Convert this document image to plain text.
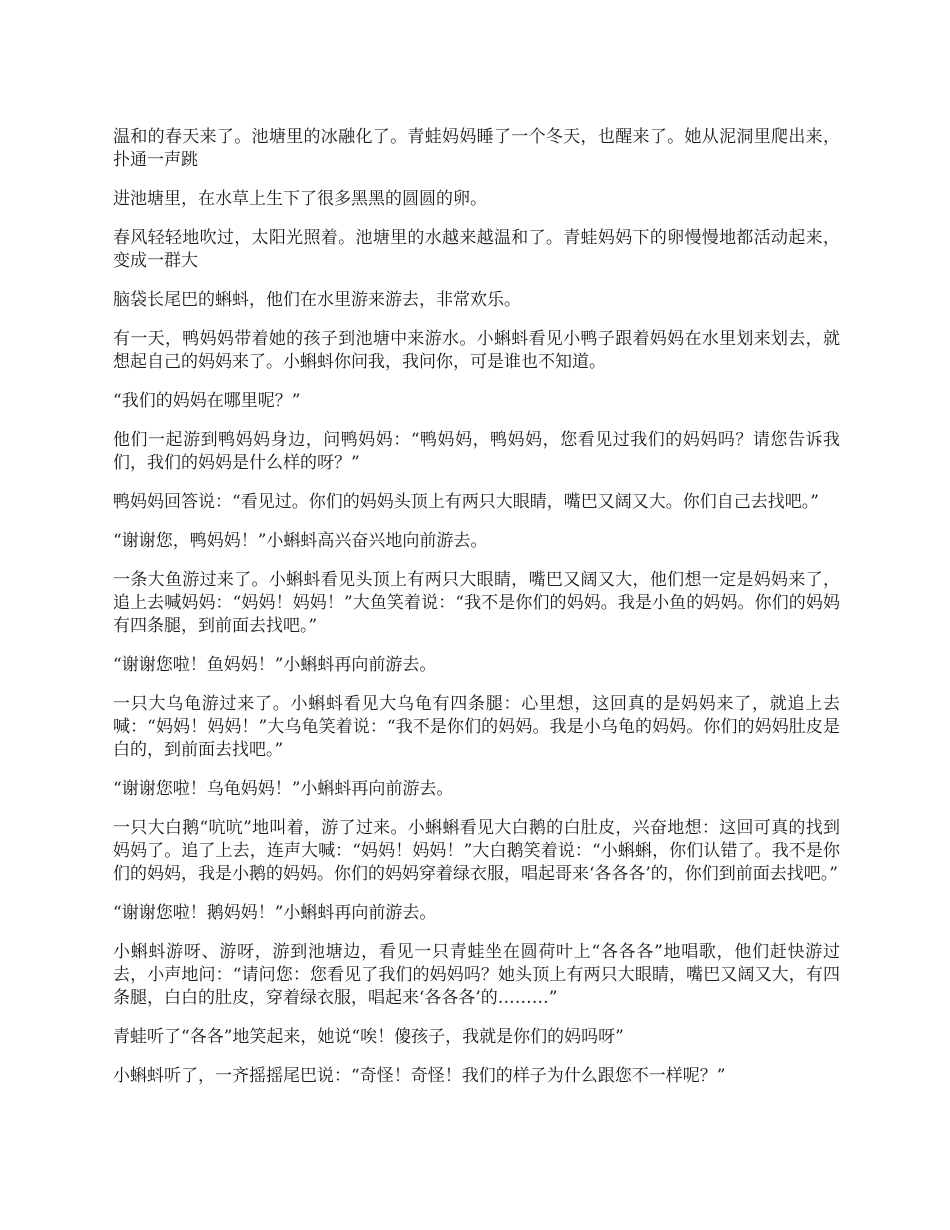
温和的春天来了。池塘里的冰融化了。青蛙妈妈睡了一个冬天，也醒来了。她从泥洞里爬出来，扑通一声跳

进池塘里，在水草上生下了很多黑黑的圆圆的卵。

春风轻轻地吹过，太阳光照着。池塘里的水越来越温和了。青蛙妈妈下的卵慢慢地都活动起来，变成一群大

脑袋长尾巴的蝌蚪，他们在水里游来游去，非常欢乐。

有一天，鸭妈妈带着她的孩子到池塘中来游水。小蝌蚪看见小鸭子跟着妈妈在水里划来划去，就想起自己的妈妈来了。小蝌蚪你问我，我问你，可是谁也不知道。

“我们的妈妈在哪里呢？”

他们一起游到鸭妈妈身边，问鸭妈妈：“鸭妈妈，鸭妈妈，您看见过我们的妈妈吗？请您告诉我们，我们的妈妈是什么样的呀？”

鸭妈妈回答说：“看见过。你们的妈妈头顶上有两只大眼睛，嘴巴又阔又大。你们自己去找吧。”

“谢谢您，鸭妈妈！”小蝌蚪高兴奋兴地向前游去。

一条大鱼游过来了。小蝌蚪看见头顶上有两只大眼睛，嘴巴又阔又大，他们想一定是妈妈来了，追上去喊妈妈：“妈妈！妈妈！”大鱼笑着说：“我不是你们的妈妈。我是小鱼的妈妈。你们的妈妈有四条腿，到前面去找吧。”

“谢谢您啦！鱼妈妈！”小蝌蚪再向前游去。

一只大乌龟游过来了。小蝌蚪看见大乌龟有四条腿：心里想，这回真的是妈妈来了，就追上去喊：“妈妈！妈妈！”大乌龟笑着说：“我不是你们的妈妈。我是小乌龟的妈妈。你们的妈妈肚皮是白的，到前面去找吧。”

“谢谢您啦！乌龟妈妈！”小蝌蚪再向前游去。

一只大白鹅“吭吭”地叫着，游了过来。小蝌蝌看见大白鹅的白肚皮，兴奋地想：这回可真的找到妈妈了。追了上去，连声大喊：“妈妈！妈妈！”大白鹅笑着说：“小蝌蝌，你们认错了。我不是你们的妈妈，我是小鹅的妈妈。你们的妈妈穿着绿衣服，唱起哥来‘各各各’的，你们到前面去找吧。”

“谢谢您啦！鹅妈妈！”小蝌蚪再向前游去。

小蝌蚪游呀、游呀，游到池塘边，看见一只青蛙坐在圆荷叶上“各各各”地唱歌，他们赶快游过去，小声地问：“请问您：您看见了我们的妈妈吗？她头顶上有两只大眼睛，嘴巴又阔又大，有四条腿，白白的肚皮，穿着绿衣服，唱起来‘各各各’的………”

青蛙听了“各各”地笑起来，她说“唉！傻孩子，我就是你们的妈吗呀”

小蝌蚪听了，一齐摇摇尾巴说：“奇怪！奇怪！我们的样子为什么跟您不一样呢？”
